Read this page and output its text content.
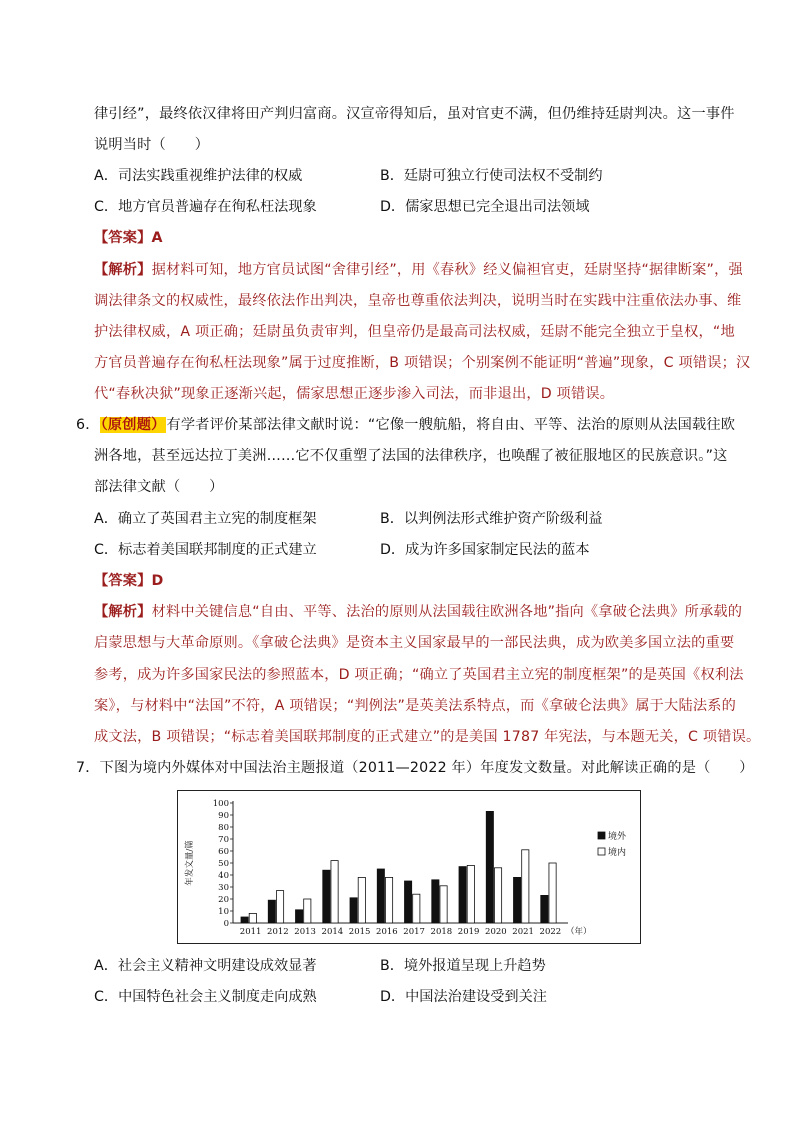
律引经”，最终依汉律将田产判归富商。汉宣帝得知后，虽对官吏不满，但仍维持廷尉判决。这一事件
说明当时（　　）
A．司法实践重视维护法律的权威	B．廷尉可独立行使司法权不受制约
C．地方官员普遍存在徇私枉法现象	D．儒家思想已完全退出司法领域
【答案】A
【解析】据材料可知，地方官员试图“舍律引经”，用《春秋》经义偏袒官吏，廷尉坚持“据律断案”，强
调法律条文的权威性，最终依法作出判决，皇帝也尊重依法判决，说明当时在实践中注重依法办事、维
护法律权威，A 项正确；廷尉虽负责审判，但皇帝仍是最高司法权威，廷尉不能完全独立于皇权，“地
方官员普遍存在徇私枉法现象”属于过度推断，B 项错误；个别案例不能证明“普遍”现象，C 项错误；汉
代“春秋决狱”现象正逐渐兴起，儒家思想正逐步渗入司法，而非退出，D 项错误。
6．（原创题）有学者评价某部法律文献时说：“它像一艘航船，将自由、平等、法治的原则从法国载往欧
洲各地，甚至远达拉丁美洲……它不仅重塑了法国的法律秩序，也唤醒了被征服地区的民族意识。”这
部法律文献（　　）
A．确立了英国君主立宪的制度框架	B．以判例法形式维护资产阶级利益
C．标志着美国联邦制度的正式建立	D．成为许多国家制定民法的蓝本
【答案】D
【解析】材料中关键信息“自由、平等、法治的原则从法国载往欧洲各地”指向《拿破仑法典》所承载的
启蒙思想与大革命原则。《拿破仑法典》是资本主义国家最早的一部民法典，成为欧美多国立法的重要
参考，成为许多国家民法的参照蓝本，D 项正确；“确立了英国君主立宪的制度框架”的是英国《权利法
案》，与材料中“法国”不符，A 项错误；“判例法”是英美法系特点，而《拿破仑法典》属于大陆法系的
成文法，B 项错误；“标志着美国联邦制度的正式建立”的是美国 1787 年宪法，与本题无关，C 项错误。
7．下图为境内外媒体对中国法治主题报道（2011—2022 年）年度发文数量。对此解读正确的是（　　）
0
10
20
30
40
50
60
70
80
90
100
年发文量/篇
2011 2012 2013 2014 2015 2016 2017 2018 2019 2020 2021 2022 （年）
境外
境内
A．社会主义精神文明建设成效显著	B．境外报道呈现上升趋势
C．中国特色社会主义制度走向成熟	D．中国法治建设受到关注
